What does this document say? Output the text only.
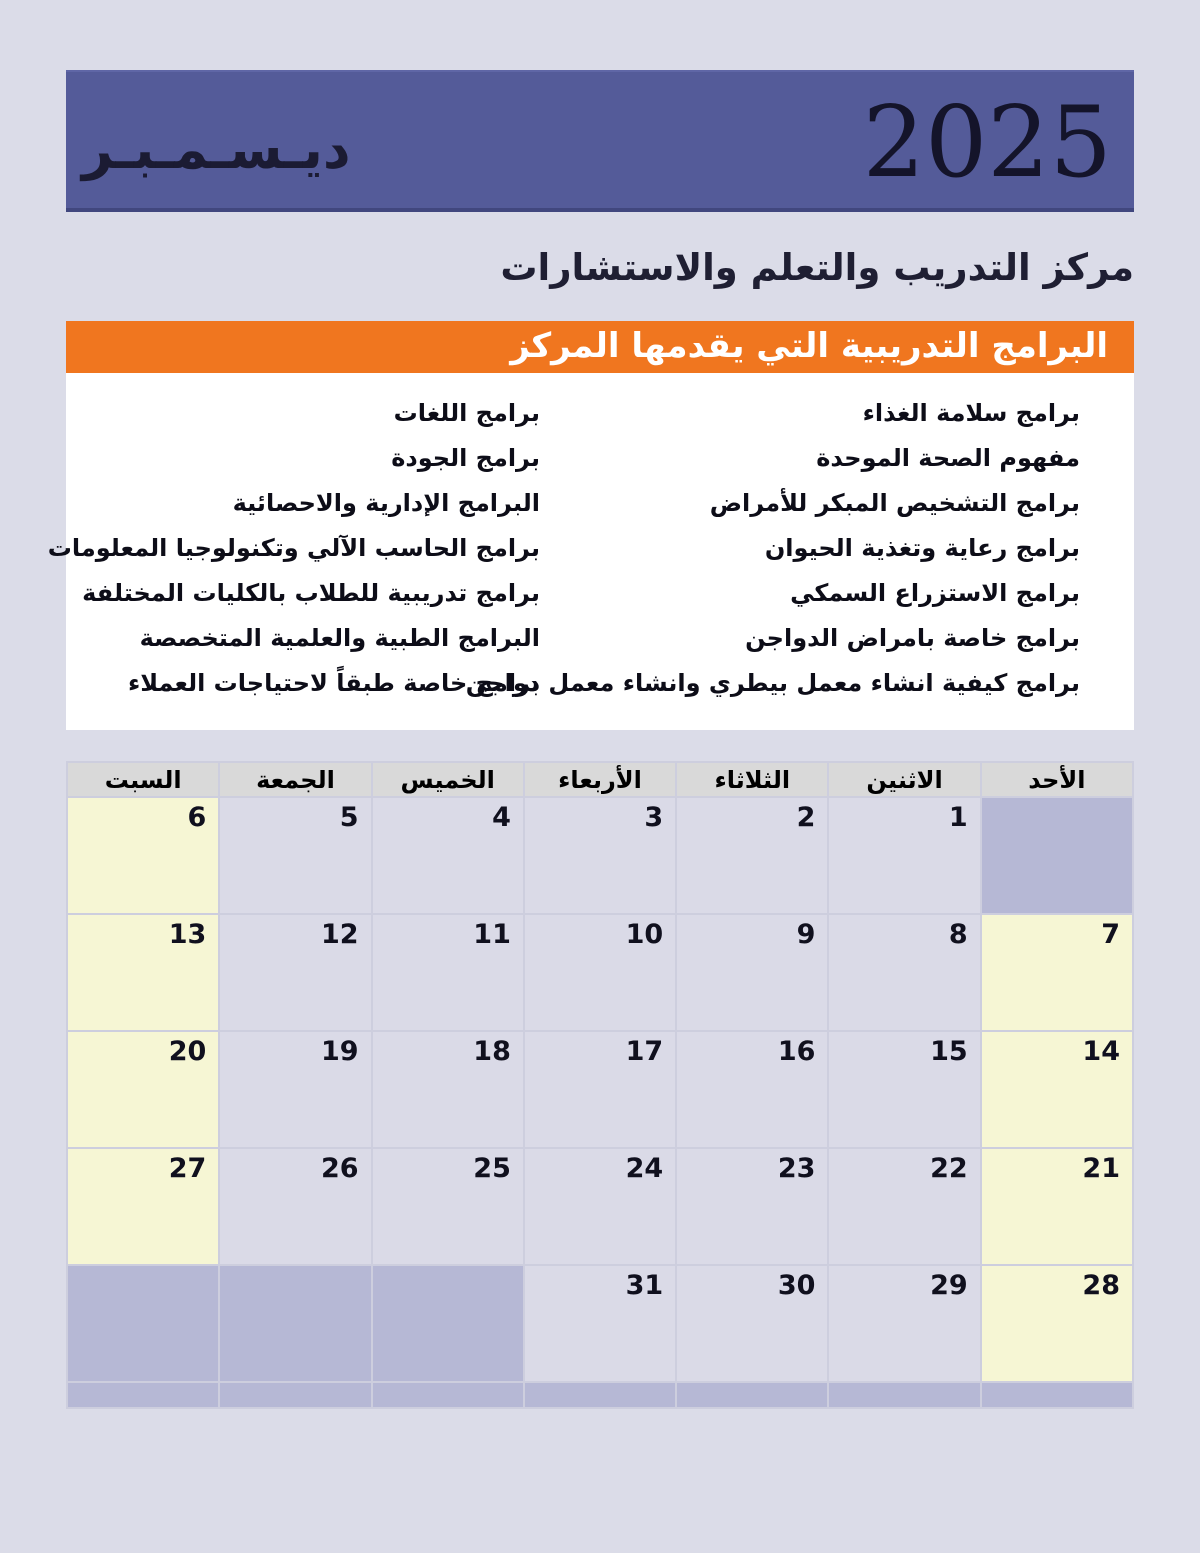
ديـسـمـبـر	2025
مركز التدريب والتعلم والاستشارات
البرامج التدريبية التي يقدمها المركز
برامج سلامة الغذاء
مفهوم الصحة الموحدة
برامج التشخيص المبكر للأمراض
برامج رعاية وتغذية الحيوان
برامج الاستزراع السمكي
برامج خاصة بامراض الدواجن
برامج كيفية انشاء معمل بيطري وانشاء معمل دواجن
برامج اللغات
برامج الجودة
البرامج الإدارية والاحصائية
برامج الحاسب الآلي وتكنولوجيا المعلومات
برامج تدريبية للطلاب بالكليات المختلفة
البرامج الطبية والعلمية المتخصصة
برامج خاصة طبقاً لاحتياجات العملاء
الأحد	الاثنين	الثلاثاء	الأربعاء	الخميس	الجمعة	السبت
	1	2	3	4	5	6
7	8	9	10	11	12	13
14	15	16	17	18	19	20
21	22	23	24	25	26	27
28	29	30	31			
